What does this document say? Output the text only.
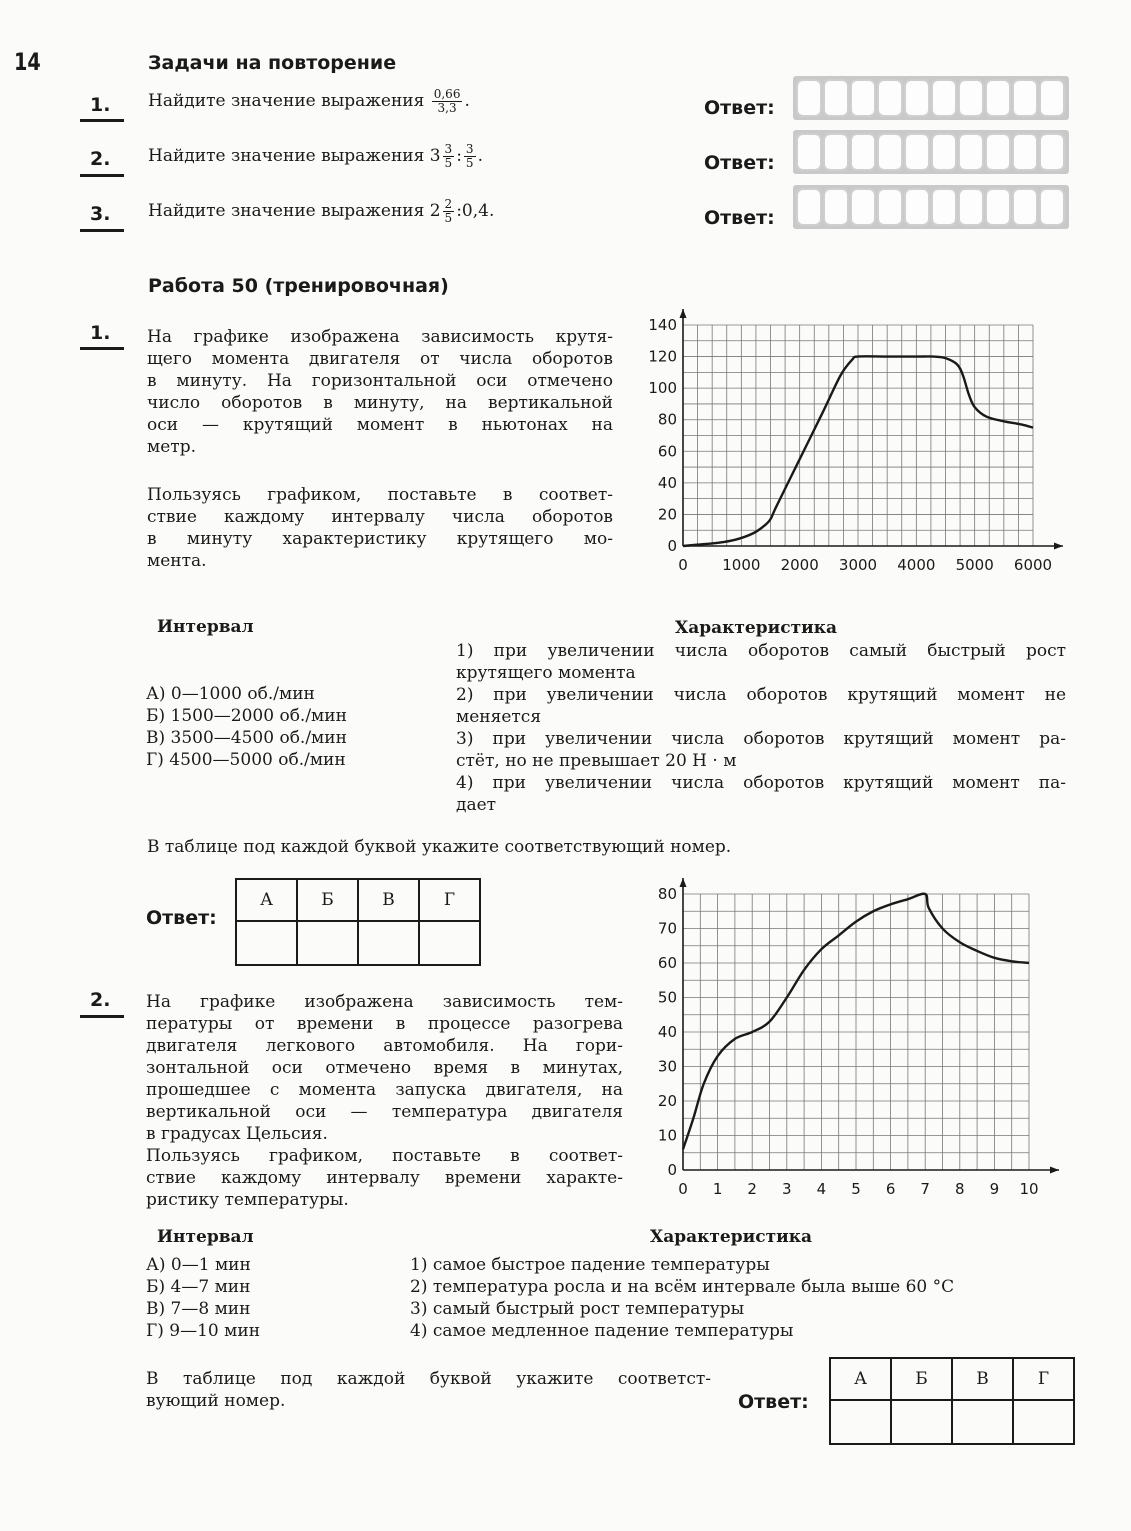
14	Задачи на повторение
1. Найдите значение выражения $\frac{0,66}{3,3}$ .	Ответ:
2. Найдите значение выражения $3 \frac{3}{5}$ : $\frac{3}{5}$ .	Ответ:
3. Найдите значение выражения $2 \frac{2}{5}$ :0,4.	Ответ:
Работа 50 (тренировочная)
1. На графике изображена зависимость крутя-
щего момента двигателя от числа оборотов
в минуту. На горизонтальной оси отмечено
число оборотов в минуту, на вертикальной
оси — крутящий момент в ньютонах на
метр.
Пользуясь графиком, поставьте в соответ-
ствие каждому интервалу числа оборотов
в минуту характеристику крутящего мо-
мента.	0 1000 2000 3000 4000 5000 6000
0
20
40
60
80
100
120
140
Интервал
А) 0—1000 об./мин
Б) 1500—2000 об./мин
В) 3500—4500 об./мин
Г) 4500—5000 об./мин
Характеристика
1) при увеличении числа оборотов самый быстрый рост
крутящего момента
2) при увеличении числа оборотов крутящий момент не
меняется
3) при увеличении числа оборотов крутящий момент ра-
стёт, но не превышает 20 Н · м
4) при увеличении числа оборотов крутящий момент па-
дает
В таблице под каждой буквой укажите соответствующий номер.
Ответ:
А	Б	В	Г

2. На графике изображена зависимость тем-
пературы от времени в процессе разогрева
двигателя легкового автомобиля. На гори-
зонтальной оси отмечено время в минутах,
прошедшее с момента запуска двигателя, на
вертикальной оси — температура двигателя
в градусах Цельсия.
Пользуясь графиком, поставьте в соответ-
ствие каждому интервалу времени характе-
ристику температуры.
0 1 2 3 4 5 6 7 8 9 10
0
10
20
30
40
50
60
70
80
Интервал
А) 0—1 мин
Б) 4—7 мин
В) 7—8 мин
Г) 9—10 мин
Характеристика
1) самое быстрое падение температуры
2) температура росла и на всём интервале была выше 60 °С
3) самый быстрый рост температуры
4) самое медленное падение температуры
В таблице под каждой буквой укажите соответст-
вующий номер.	Ответ:
А	Б	В	Г
